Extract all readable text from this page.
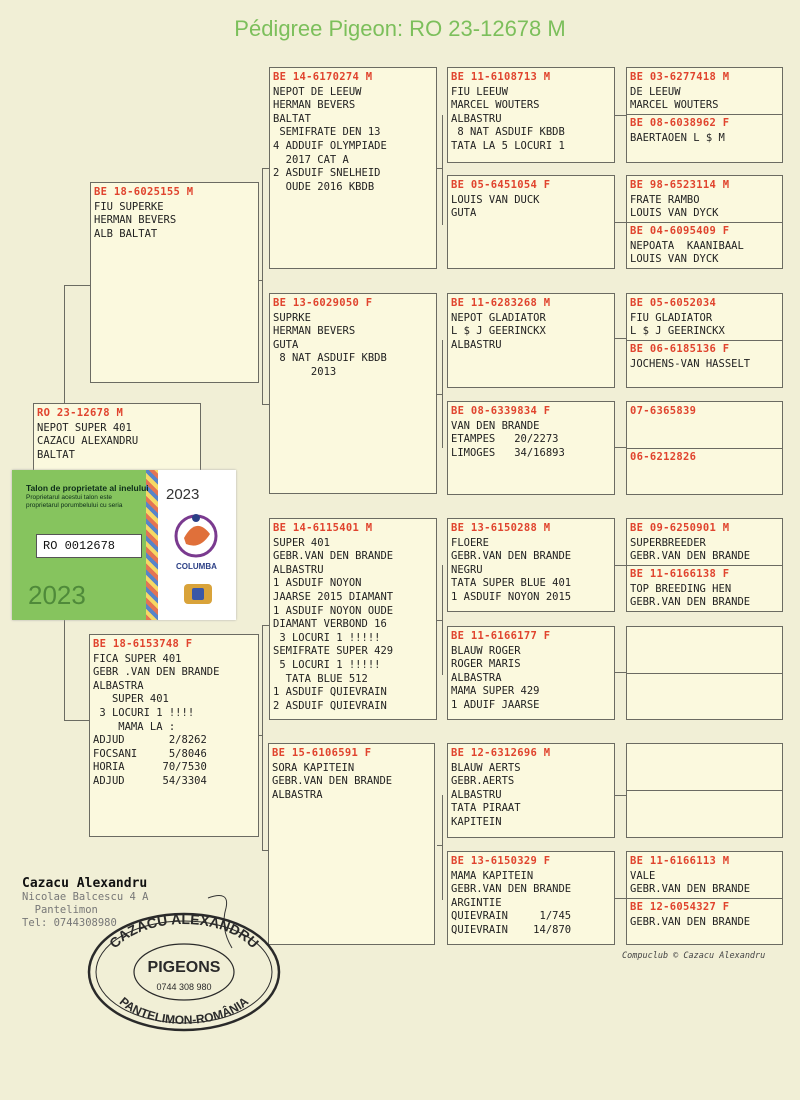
Pédigree Pigeon: RO 23-12678 M
RO 23-12678 M
NEPOT SUPER 401
CAZACU ALEXANDRU
BALTAT
BE 18-6025155 M
FIU SUPERKE
HERMAN BEVERS
ALB BALTAT
BE 18-6153748 F
FICA SUPER 401
GEBR .VAN DEN BRANDE
ALBASTRA
SUPER 401
3 LOCURI 1 !!!!
MAMA LA :
ADJUD       2/8262
FOCSANI     5/8046
HORIA      70/7530
ADJUD      54/3304
BE 14-6170274 M
NEPOT DE LEEUW
HERMAN BEVERS
BALTAT
SEMIFRATE DEN 13
4 ADDUIF OLYMPIADE
2017 CAT A
2 ASDUIF SNELHEID
OUDE 2016 KBDB
BE 13-6029050 F
SUPRKE
HERMAN BEVERS
GUTA
8 NAT ASDUIF KBDB
2013
BE 14-6115401 M
SUPER 401
GEBR.VAN DEN BRANDE
ALBASTRU
1 ASDUIF NOYON
JAARSE 2015 DIAMANT
1 ASDUIF NOYON OUDE
DIAMANT VERBOND 16
3 LOCURI 1 !!!!!
SEMIFRATE SUPER 429
5 LOCURI 1 !!!!!
TATA BLUE 512
1 ASDUIF QUIEVRAIN
2 ASDUIF QUIEVRAIN
BE 15-6106591 F
SORA KAPITEIN
GEBR.VAN DEN BRANDE
ALBASTRA
BE 11-6108713 M
FIU LEEUW
MARCEL WOUTERS
ALBASTRU
8 NAT ASDUIF KBDB
TATA LA 5 LOCURI 1
BE 05-6451054 F
LOUIS VAN DUCK
GUTA
BE 11-6283268 M
NEPOT GLADIATOR
L $ J GEERINCKX
ALBASTRU
BE 08-6339834 F
VAN DEN BRANDE
ETAMPES   20/2273
LIMOGES   34/16893
BE 13-6150288 M
FLOERE
GEBR.VAN DEN BRANDE
NEGRU
TATA SUPER BLUE 401
1 ASDUIF NOYON 2015
BE 11-6166177 F
BLAUW ROGER
ROGER MARIS
ALBASTRA
MAMA SUPER 429
1 ADUIF JAARSE
BE 12-6312696 M
BLAUW AERTS
GEBR.AERTS
ALBASTRU
TATA PIRAAT
KAPITEIN
BE 13-6150329 F
MAMA KAPITEIN
GEBR.VAN DEN BRANDE
ARGINTIE
QUIEVRAIN     1/745
QUIEVRAIN    14/870
BE 03-6277418 M
DE LEEUW
MARCEL WOUTERS
BE 08-6038962 F
BAERTAOEN L $ M
BE 98-6523114 M
FRATE RAMBO
LOUIS VAN DYCK
BE 04-6095409 F
NEPOATA  KAANIBAAL
LOUIS VAN DYCK
BE 05-6052034
FIU GLADIATOR
L $ J GEERINCKX
BE 06-6185136 F
JOCHENS-VAN HASSELT
07-6365839
06-6212826
BE 09-6250901 M
SUPERBREEDER
GEBR.VAN DEN BRANDE
BE 11-6166138 F
TOP BREEDING HEN
GEBR.VAN DEN BRANDE
BE 11-6166113 M
VALE
GEBR.VAN DEN BRANDE
BE 12-6054327 F
GEBR.VAN DEN BRANDE
Compuclub © Cazacu Alexandru
Cazacu Alexandru
Nicolae Balcescu 4 A
Pantelimon
Tel: 0744308980
CAZACU ALEXANDRU
PANTELIMON-ROMÂNIA
PIGEONS
0744 308 980
Talon de proprietate al inelului
Proprietarul acestui talon este proprietarul porumbelului cu seria
RO 0012678
2023
2023
COLUMBA
